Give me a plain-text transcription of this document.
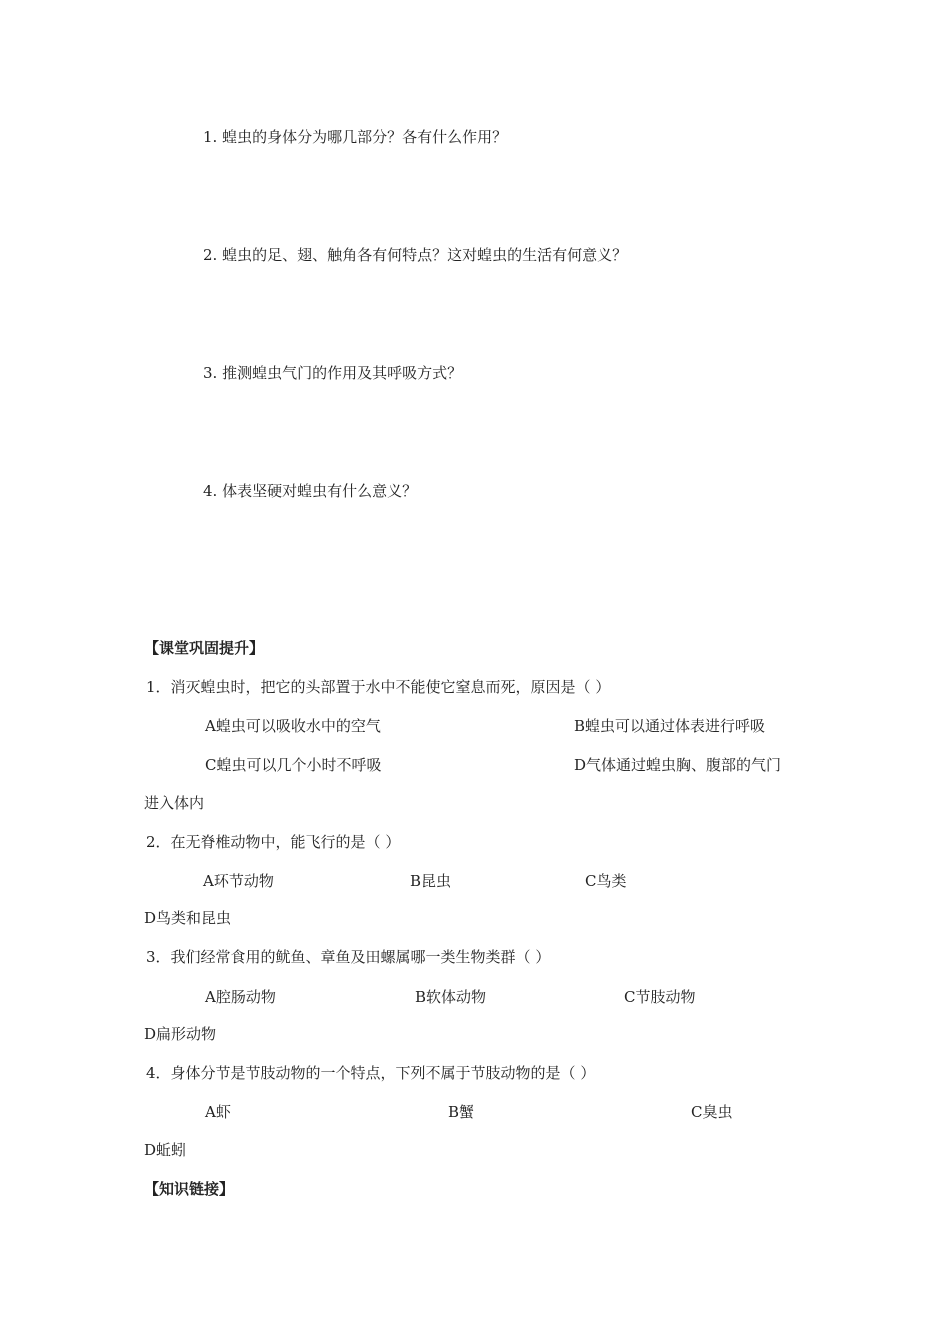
1. 蝗虫的身体分为哪几部分？各有什么作用？
2. 蝗虫的足、翅、触角各有何特点？这对蝗虫的生活有何意义？
3. 推测蝗虫气门的作用及其呼吸方式？
4. 体表坚硬对蝗虫有什么意义？
【课堂巩固提升】
1．消灭蝗虫时，把它的头部置于水中不能使它窒息而死，原因是（ ）
A蝗虫可以吸收水中的空气	B蝗虫可以通过体表进行呼吸
C蝗虫可以几个小时不呼吸	D气体通过蝗虫胸、腹部的气门
进入体内
2．在无脊椎动物中，能飞行的是（ ）
A环节动物	B昆虫	C鸟类
D鸟类和昆虫
3．我们经常食用的鱿鱼、章鱼及田螺属哪一类生物类群（ ）
A腔肠动物	B软体动物	C节肢动物
D扁形动物
4．身体分节是节肢动物的一个特点，下列不属于节肢动物的是（ ）
A虾	B蟹	C臭虫
D蚯蚓
【知识链接】
